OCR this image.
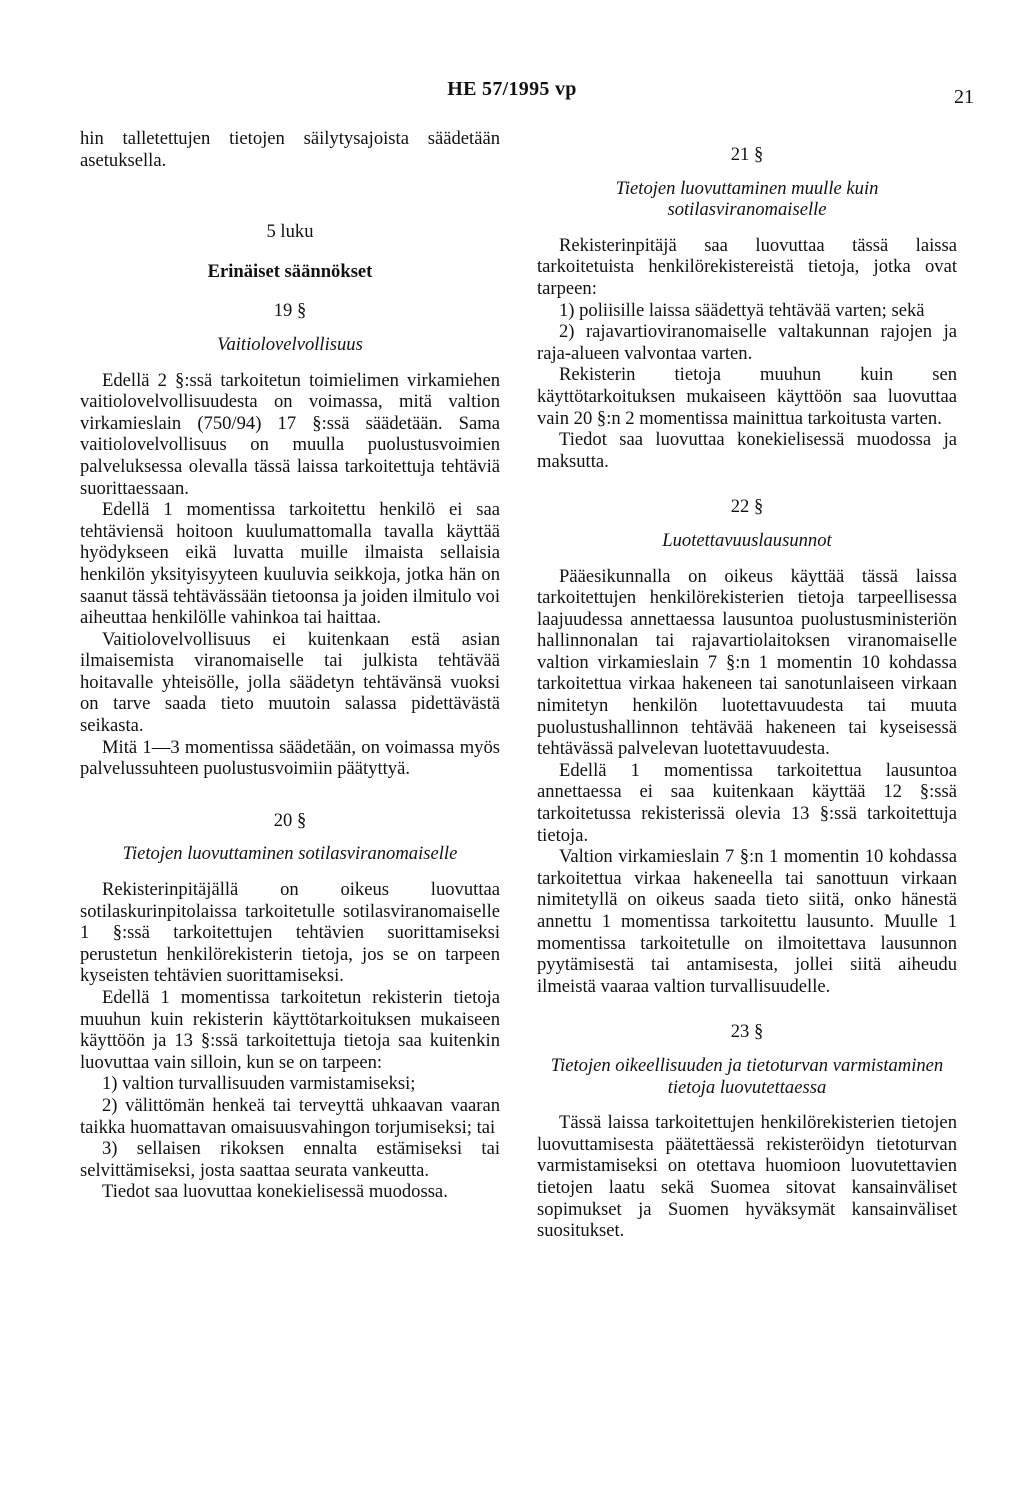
HE 57/1995 vp	21

hin talletettujen tietojen säilytysajoista säädetään asetuksella.

5 luku

Erinäiset säännökset

19 §

Vaitiolovelvollisuus

Edellä 2 §:ssä tarkoitetun toimielimen virkamiehen vaitiolovelvollisuudesta on voimassa, mitä valtion virkamieslain (750/94) 17 §:ssä säädetään. Sama vaitiolovelvollisuus on muulla puolustusvoimien palveluksessa olevalla tässä laissa tarkoitettuja tehtäviä suorittaessaan.

Edellä 1 momentissa tarkoitettu henkilö ei saa tehtäviensä hoitoon kuulumattomalla tavalla käyttää hyödykseen eikä luvatta muille ilmaista sellaisia henkilön yksityisyyteen kuuluvia seikkoja, jotka hän on saanut tässä tehtävässään tietoonsa ja joiden ilmitulo voi aiheuttaa henkilölle vahinkoa tai haittaa.

Vaitiolovelvollisuus ei kuitenkaan estä asian ilmaisemista viranomaiselle tai julkista tehtävää hoitavalle yhteisölle, jolla säädetyn tehtävänsä vuoksi on tarve saada tieto muutoin salassa pidettävästä seikasta.

Mitä 1—3 momentissa säädetään, on voimassa myös palvelussuhteen puolustusvoimiin päätyttyä.

20 §

Tietojen luovuttaminen sotilasviranomaiselle

Rekisterinpitäjällä on oikeus luovuttaa sotilaskurinpitolaissa tarkoitetulle sotilasviranomaiselle 1 §:ssä tarkoitettujen tehtävien suorittamiseksi perustetun henkilörekisterin tietoja, jos se on tarpeen kyseisten tehtävien suorittamiseksi.

Edellä 1 momentissa tarkoitetun rekisterin tietoja muuhun kuin rekisterin käyttötarkoituksen mukaiseen käyttöön ja 13 §:ssä tarkoitettuja tietoja saa kuitenkin luovuttaa vain silloin, kun se on tarpeen:

1) valtion turvallisuuden varmistamiseksi;

2) välittömän henkeä tai terveyttä uhkaavan vaaran taikka huomattavan omaisuusvahingon torjumiseksi; tai

3) sellaisen rikoksen ennalta estämiseksi tai selvittämiseksi, josta saattaa seurata vankeutta.

Tiedot saa luovuttaa konekielisessä muodossa.

21 §

Tietojen luovuttaminen muulle kuin sotilasviranomaiselle

Rekisterinpitäjä saa luovuttaa tässä laissa tarkoitetuista henkilörekistereistä tietoja, jotka ovat tarpeen:

1) poliisille laissa säädettyä tehtävää varten; sekä

2) rajavartioviranomaiselle valtakunnan rajojen ja raja-alueen valvontaa varten.

Rekisterin tietoja muuhun kuin sen käyttötarkoituksen mukaiseen käyttöön saa luovuttaa vain 20 §:n 2 momentissa mainittua tarkoitusta varten.

Tiedot saa luovuttaa konekielisessä muodossa ja maksutta.

22 §

Luotettavuuslausunnot

Pääesikunnalla on oikeus käyttää tässä laissa tarkoitettujen henkilörekisterien tietoja tarpeellisessa laajuudessa annettaessa lausuntoa puolustusministeriön hallinnonalan tai rajavartiolaitoksen viranomaiselle valtion virkamieslain 7 §:n 1 momentin 10 kohdassa tarkoitettua virkaa hakeneen tai sanotunlaiseen virkaan nimitetyn henkilön luotettavuudesta tai muuta puolustushallinnon tehtävää hakeneen tai kyseisessä tehtävässä palvelevan luotettavuudesta.

Edellä 1 momentissa tarkoitettua lausuntoa annettaessa ei saa kuitenkaan käyttää 12 §:ssä tarkoitetussa rekisterissä olevia 13 §:ssä tarkoitettuja tietoja.

Valtion virkamieslain 7 §:n 1 momentin 10 kohdassa tarkoitettua virkaa hakeneella tai sanottuun virkaan nimitetyllä on oikeus saada tieto siitä, onko hänestä annettu 1 momentissa tarkoitettu lausunto. Muulle 1 momentissa tarkoitetulle on ilmoitettava lausunnon pyytämisestä tai antamisesta, jollei siitä aiheudu ilmeistä vaaraa valtion turvallisuudelle.

23 §

Tietojen oikeellisuuden ja tietoturvan varmistaminen tietoja luovutettaessa

Tässä laissa tarkoitettujen henkilörekisterien tietojen luovuttamisesta päätettäessä rekisteröidyn tietoturvan varmistamiseksi on otettava huomioon luovutettavien tietojen laatu sekä Suomea sitovat kansainväliset sopimukset ja Suomen hyväksymät kansainväliset suositukset.
